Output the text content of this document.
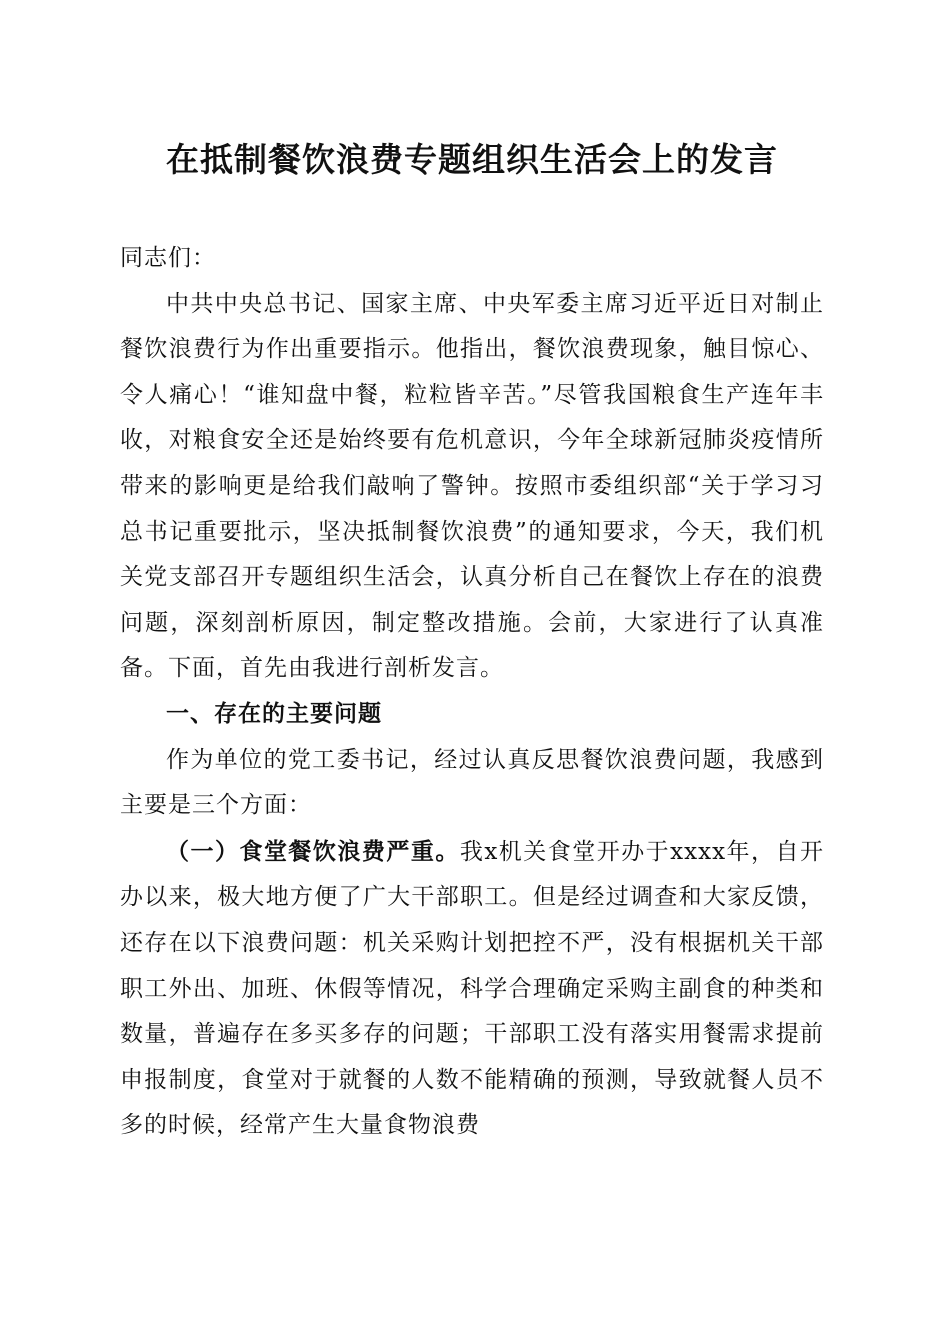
在抵制餐饮浪费专题组织生活会上的发言

同志们：

中共中央总书记、国家主席、中央军委主席习近平近日对制止餐饮浪费行为作出重要指示。他指出，餐饮浪费现象，触目惊心、令人痛心！“谁知盘中餐，粒粒皆辛苦。”尽管我国粮食生产连年丰收，对粮食安全还是始终要有危机意识，今年全球新冠肺炎疫情所带来的影响更是给我们敲响了警钟。按照市委组织部“关于学习习总书记重要批示，坚决抵制餐饮浪费”的通知要求，今天，我们机关党支部召开专题组织生活会，认真分析自己在餐饮上存在的浪费问题，深刻剖析原因，制定整改措施。会前，大家进行了认真准备。下面，首先由我进行剖析发言。

一、存在的主要问题

作为单位的党工委书记，经过认真反思餐饮浪费问题，我感到主要是三个方面：

（一）食堂餐饮浪费严重。我x机关食堂开办于xxxx年，自开办以来，极大地方便了广大干部职工。但是经过调查和大家反馈，还存在以下浪费问题：机关采购计划把控不严，没有根据机关干部职工外出、加班、休假等情况，科学合理确定采购主副食的种类和数量，普遍存在多买多存的问题；干部职工没有落实用餐需求提前申报制度，食堂对于就餐的人数不能精确的预测，导致就餐人员不多的时候，经常产生大量食物浪费
